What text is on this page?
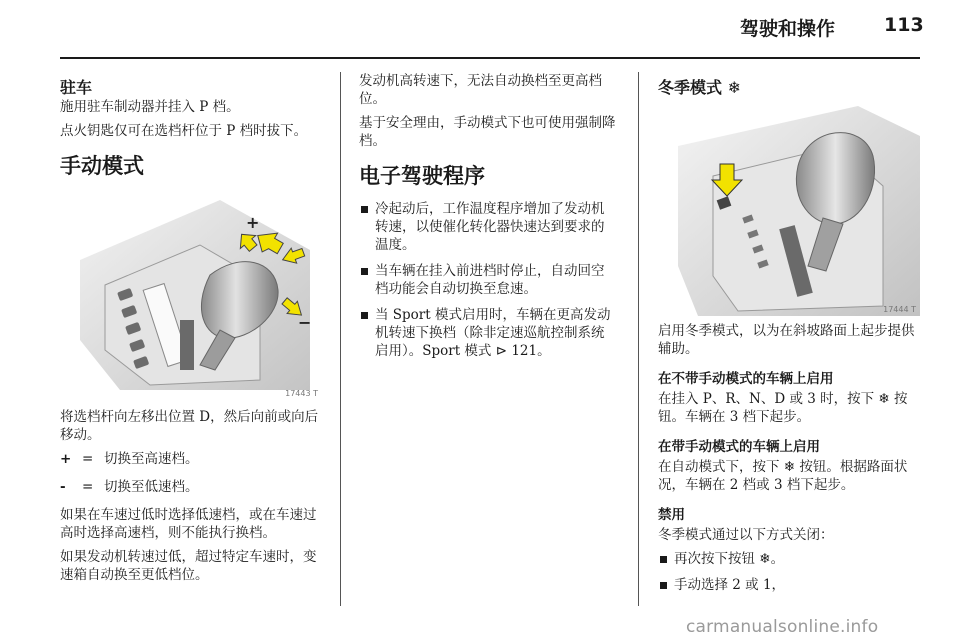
驾驶和操作	113
驻车

施用驻车制动器并挂入 P 档。

点火钥匙仅可在选档杆位于 P 档时拔下。

手动模式
+
−
17443 T

将选档杆向左移出位置 D，然后向前或向后移动。

+ = 切换至高速档。
-	= 切换至低速档。

如果在车速过低时选择低速档，或在车速过高时选择高速档，则不能执行换档。

如果发动机转速过低，超过特定车速时，变速箱自动换至更低档位。

发动机高转速下，无法自动换档至更高档位。

基于安全理由，手动模式下也可使用强制降档。

电子驾驶程序
冷起动后，工作温度程序增加了发动机转速，以使催化转化器快速达到要求的温度。
当车辆在挂入前进档时停止，自动回空档功能会自动切换至怠速。
当 Sport 模式启用时，车辆在更高发动机转速下换档（除非定速巡航控制系统启用）。Sport 模式 ⊳ 121。
冬季模式 ❄
17444 T

启用冬季模式，以为在斜坡路面上起步提供辅助。

在不带手动模式的车辆上启用

在挂入 P、R、N、D 或 3 时，按下 ❄ 按钮。车辆在 3 档下起步。

在带手动模式的车辆上启用

在自动模式下，按下 ❄ 按钮。根据路面状况，车辆在 2 档或 3 档下起步。

禁用

冬季模式通过以下方式关闭：

再次按下按钮 ❄。
手动选择 2 或 1，
carmanualsonline.info
